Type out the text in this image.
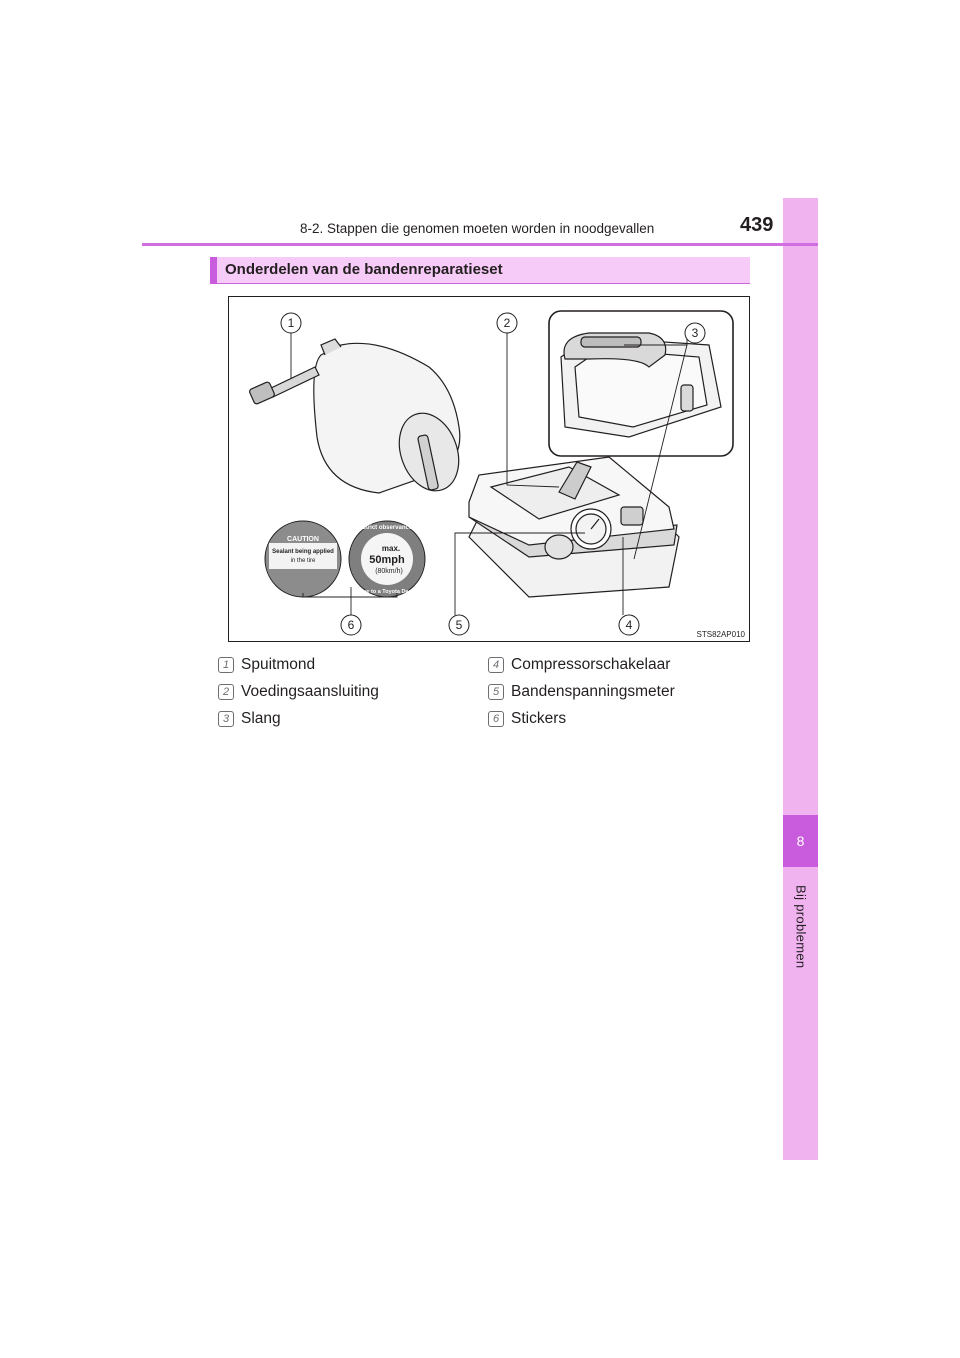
8
Bij problemen
8-2. Stappen die genomen moeten worden in noodgevallen	439
Onderdelen van de bandenreparatieset
CAUTION
Sealant being applied
in the tire
max.
50mph
(80km/h)
Strict observance
Drive to a Toyota Dealer
1	2
3
4
5
6
STS82AP010
1 Spuitmond
2 Voedingsaansluiting
3 Slang
4 Compressorschakelaar
5 Bandenspanningsmeter
6 Stickers
